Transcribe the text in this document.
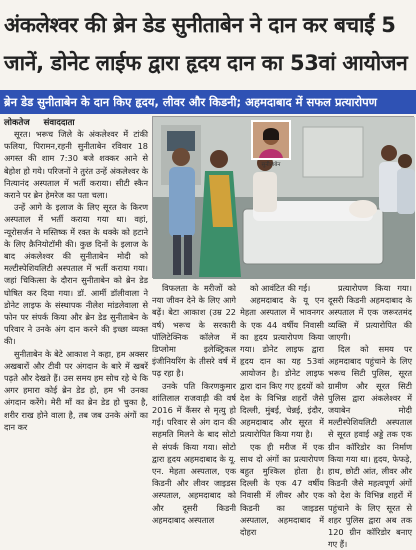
अंकलेश्वर की ब्रेन डेड सुनीताबेन ने दान कर बचाईं 5
जानें, डोनेट लाईफ द्वारा हृदय दान का 53वां आयोजन
ब्रेन डेड सुनीताबेन के दान किए हृदय, लीवर और किडनी; अहमदाबाद में सफल प्रत्यारोपण
लोकतेज संवाददाता
सुनीताबेन

सूरत। भरूच जिले के अंकलेश्वर में टांकी फलिया, पिरामन,रहनी सुनीताबेन रविवार 18 अगस्त की शाम 7:30 बजे शक्कर आने से बेहोश हो गये। परिजनों ने तुरंत उन्हें अंकलेश्वर के नित्यानंद अस्पताल में भर्ती कराया। सीटी स्कैन कराने पर ब्रेन हेमरेज का पता चला।

उन्हें आगे के इलाज के लिए सूरत के किरण अस्पताल में भर्ती कराया गया था। वहां, न्यूरोसर्जन ने मस्तिष्क में रक्त के थक्के को हटाने के लिए क्रैनियोटॉमी की। कुछ दिनों के इलाज के बाद अंकलेश्वर की सुनीताबेन मोदी को मल्टीस्पेशियलिटी अस्पताल में भर्ती कराया गया। जहां चिकित्सा के दौरान सुनीताबेन को ब्रेन डेड घोषित कर दिया गया। डॉ. आर्मी डॉलीवाला ने डोनेट लाइफ के संस्थापक नीलेश मांडलेवाला से फोन पर संपर्क किया और ब्रेन डेड सुनीताबेन के परिवार ने उनके अंग दान करने की इच्छा व्यक्त की।

सुनीताबेन के बेटे आकाश ने कहा, हम अक्सर अखबारों और टीवी पर अंगदान के बारे में खबरें पढ़ते और देखते हैं। उस समय हम सोच रहे थे कि अगर हमारा कोई ब्रेन डेड हो, हम भी उनका अंगदान करेंगे। मेरी माँ का ब्रेन डेड हो चुका है, शरीर राख होने वाला है, तब जब उनके अंगों का दान कर

विफलता के मरीजों को नया जीवन देने के लिए आगे बढ़ें। बेटा आकाश (उम्र 22 वर्ष) भरूच के सरकारी पॉलिटेक्निक कॉलेज में डिप्लोमा इलेक्ट्रिकल इंजीनियरिंग के तीसरे वर्ष में पढ़ रहा है।

उनके पति किरणकुमार शांतिलाल राजवाड़ी की वर्ष 2016 में कैंसर से मृत्यु हो गई। परिवार से अंग दान की सहमति मिलने के बाद सोटो से संपर्क किया गया। सोटो द्वारा हृदय अहमदाबाद के यू. एन. मेहता अस्पताल, एक किडनी और लीवर जाइडस अस्पताल, अहमदाबाद को और दूसरी किडनी अहमदाबाद अस्पताल

को आवंटित की गई।

अहमदाबाद के यू एन मेहता अस्पताल में भावनगर के एक 44 वर्षीय निवासी का हृदय प्रत्यारोपण किया गया। डोनेट लाइफ द्वारा हृदय दान का यह 53वां आयोजन है। डोनेट लाइफ द्वारा दान किए गए हृदयों को देश के विभिन्न शहरों जैसे दिल्ली, मुंबई, चेन्नई, इंदौर, अहमदाबाद और सूरत में प्रत्यारोपित किया गया है।

एक ही मरीज में एक साथ दो अंगों का प्रत्यारोपण बहुत मुश्किल होता है। दिल्ली के एक 47 वर्षीय निवासी में लीवर और एक किडनी का जाइडस अस्पताल, अहमदाबाद में दोहरा

प्रत्यारोपण किया गया। दूसरी किडनी अहमदाबाद के अस्पताल में एक जरूरतमंद व्यक्ति में प्रत्यारोपित की जाएगी।

दिल को समय पर अहमदाबाद पहुंचाने के लिए भरूच सिटी पुलिस, सूरत ग्रामीण और सूरत सिटी पुलिस द्वारा अंकलेश्वर में जयाबेन मोदी मल्टीस्पेशियलिटी अस्पताल से सूरत हवाई अड्डे तक एक ग्रीन कॉरिडोर का निर्माण किया गया था। हृदय, फेफड़े, हाथ, छोटी आंत, लीवर और किडनी जैसे महत्वपूर्ण अंगों को देश के विभिन्न शहरों में पहुंचाने के लिए सूरत से शहर पुलिस द्वारा अब तक 120 ग्रीन कॉरिडोर बनाए गए हैं।
